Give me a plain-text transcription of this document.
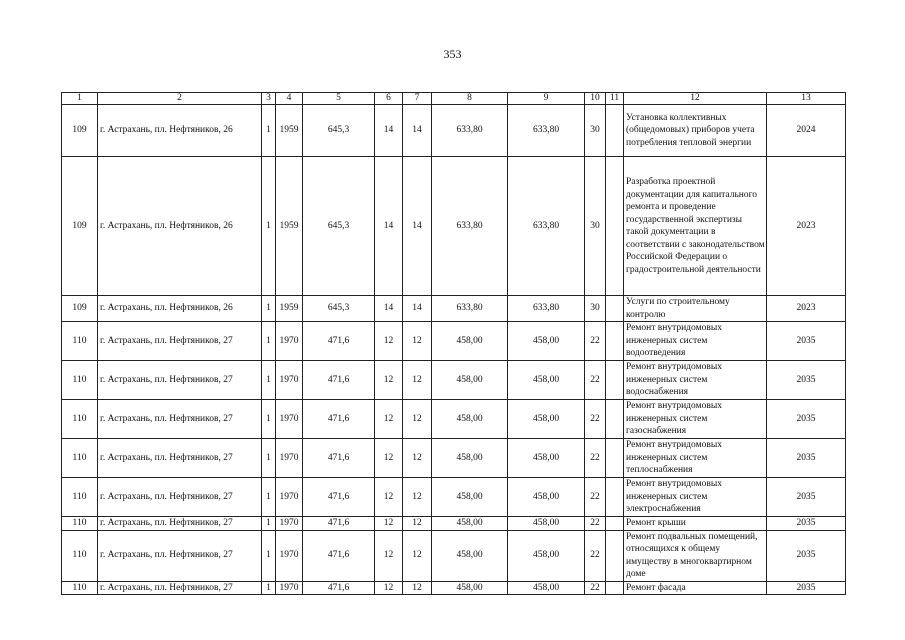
353
1	2	3	4	5	6	7	8	9	10	11	12	13
109	г. Астрахань, пл. Нефтяников, 26	1	1959	645,3	14	14	633,80	633,80	30		Установка коллективных (общедомовых) приборов учета потребления тепловой энергии	2024
109	г. Астрахань, пл. Нефтяников, 26	1	1959	645,3	14	14	633,80	633,80	30		Разработка проектной документации для капитального ремонта и проведение государственной экспертизы такой документации в соответствии с законодательством Российской Федерации о градостроительной деятельности	2023
109	г. Астрахань, пл. Нефтяников, 26	1	1959	645,3	14	14	633,80	633,80	30		Услуги по строительному контролю	2023
110	г. Астрахань, пл. Нефтяников, 27	1	1970	471,6	12	12	458,00	458,00	22		Ремонт внутридомовых инженерных систем водоотведения	2035
110	г. Астрахань, пл. Нефтяников, 27	1	1970	471,6	12	12	458,00	458,00	22		Ремонт внутридомовых инженерных систем водоснабжения	2035
110	г. Астрахань, пл. Нефтяников, 27	1	1970	471,6	12	12	458,00	458,00	22		Ремонт внутридомовых инженерных систем газоснабжения	2035
110	г. Астрахань, пл. Нефтяников, 27	1	1970	471,6	12	12	458,00	458,00	22		Ремонт внутридомовых инженерных систем теплоснабжения	2035
110	г. Астрахань, пл. Нефтяников, 27	1	1970	471,6	12	12	458,00	458,00	22		Ремонт внутридомовых инженерных систем электроснабжения	2035
110	г. Астрахань, пл. Нефтяников, 27	1	1970	471,6	12	12	458,00	458,00	22		Ремонт крыши	2035
110	г. Астрахань, пл. Нефтяников, 27	1	1970	471,6	12	12	458,00	458,00	22		Ремонт подвальных помещений, относящихся к общему имуществу в многоквартирном доме	2035
110	г. Астрахань, пл. Нефтяников, 27	1	1970	471,6	12	12	458,00	458,00	22		Ремонт фасада	2035
